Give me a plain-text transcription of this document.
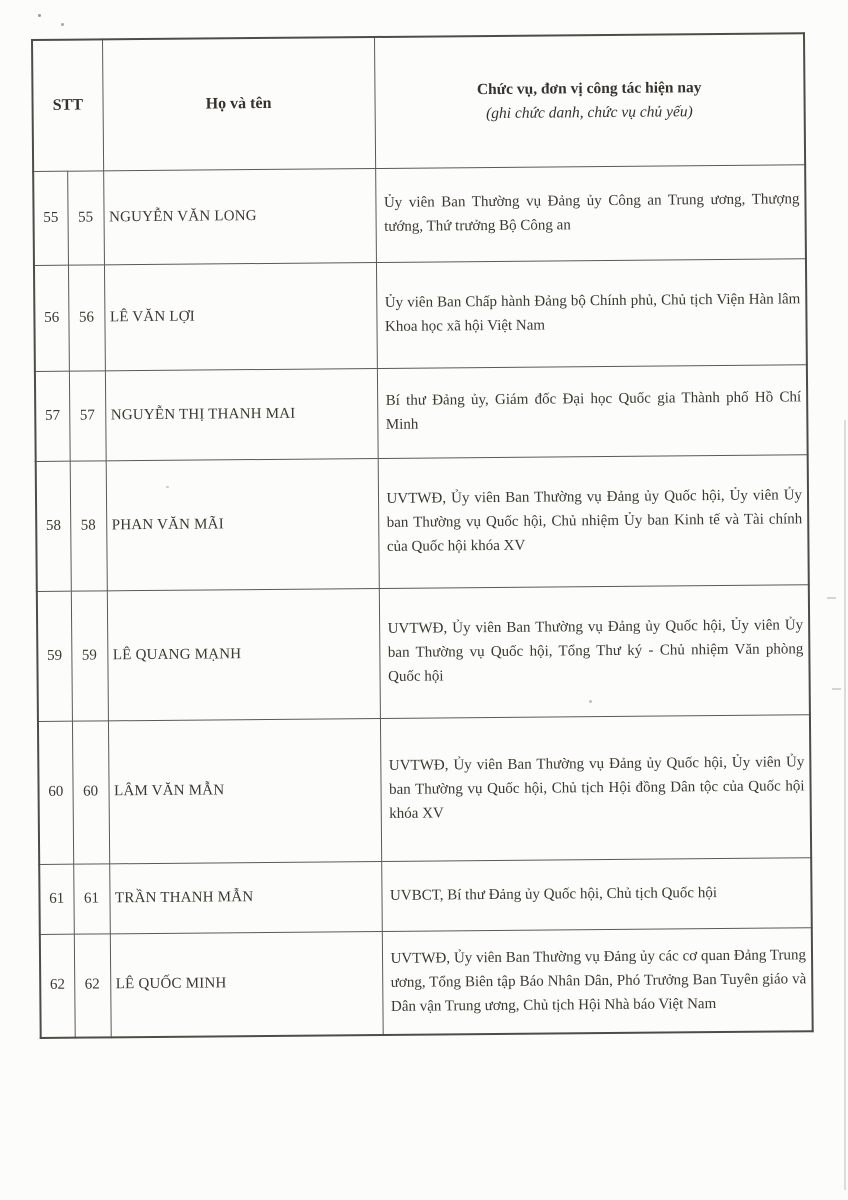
STT		Họ và tên	Chức vụ, đơn vị công tác hiện nay
(ghi chức danh, chức vụ chủ yếu)

55	55	NGUYỄN VĂN LONG	Ủy viên Ban Thường vụ Đảng ủy Công an Trung ương, Thượng tướng, Thứ trưởng Bộ Công an
56	56	LÊ VĂN LỢI	Ủy viên Ban Chấp hành Đảng bộ Chính phủ, Chủ tịch Viện Hàn lâm Khoa học xã hội Việt Nam
57	57	NGUYỄN THỊ THANH MAI	Bí thư Đảng ủy, Giám đốc Đại học Quốc gia Thành phố Hồ Chí Minh
58	58	PHAN VĂN MÃI	UVTWĐ, Ủy viên Ban Thường vụ Đảng ủy Quốc hội, Ủy viên Ủy ban Thường vụ Quốc hội, Chủ nhiệm Ủy ban Kinh tế và Tài chính của Quốc hội khóa XV
59	59	LÊ QUANG MẠNH	UVTWĐ, Ủy viên Ban Thường vụ Đảng ủy Quốc hội, Ủy viên Ủy ban Thường vụ Quốc hội, Tổng Thư ký - Chủ nhiệm Văn phòng Quốc hội
60	60	LÂM VĂN MẪN	UVTWĐ, Ủy viên Ban Thường vụ Đảng ủy Quốc hội, Ủy viên Ủy ban Thường vụ Quốc hội, Chủ tịch Hội đồng Dân tộc của Quốc hội khóa XV
61	61	TRẦN THANH MẪN	UVBCT, Bí thư Đảng ủy Quốc hội, Chủ tịch Quốc hội
62	62	LÊ QUỐC MINH	UVTWĐ, Ủy viên Ban Thường vụ Đảng ủy các cơ quan Đảng Trung ương, Tổng Biên tập Báo Nhân Dân, Phó Trưởng Ban Tuyên giáo và Dân vận Trung ương, Chủ tịch Hội Nhà báo Việt Nam
